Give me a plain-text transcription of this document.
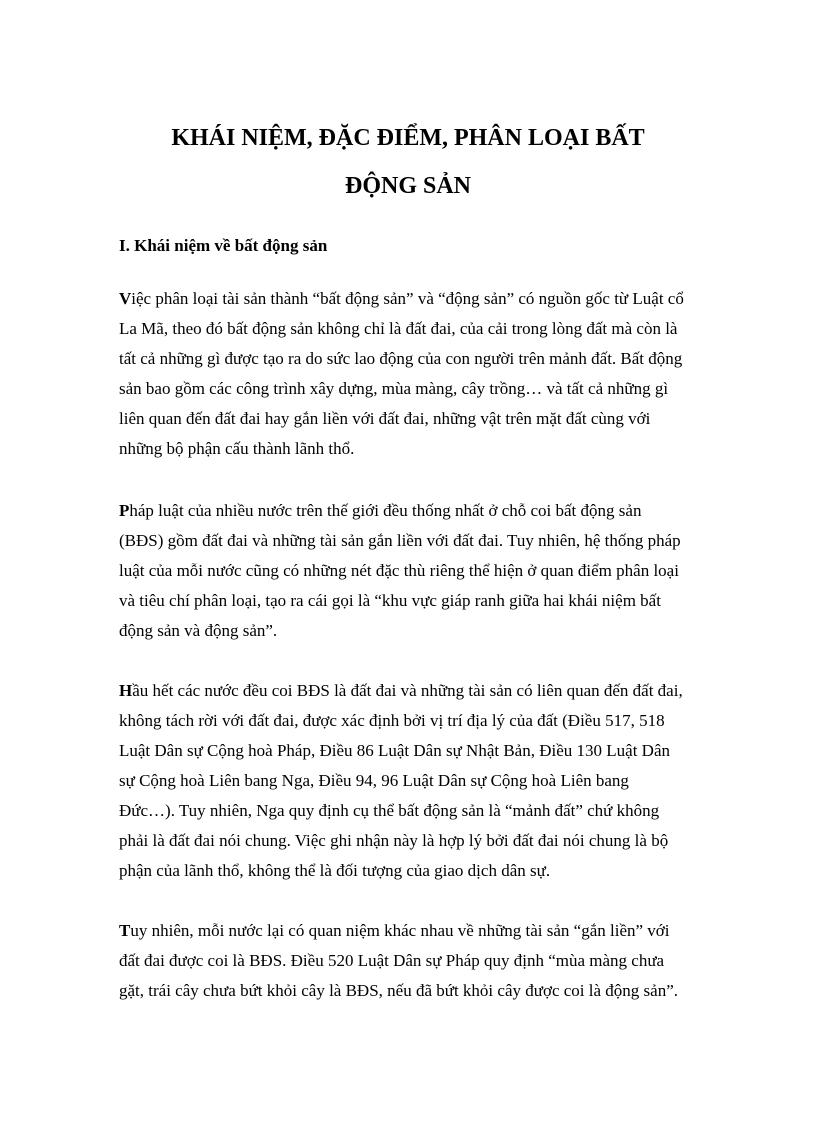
KHÁI NIỆM, ĐẶC ĐIỂM, PHÂN LOẠI BẤT
ĐỘNG SẢN
I. Khái niệm về bất động sản
Việc phân loại tài sản thành “bất động sản” và “động sản” có nguồn gốc từ Luật cổ
La Mã, theo đó bất động sản không chỉ là đất đai, của cải trong lòng đất mà còn là
tất cả những gì được tạo ra do sức lao động của con người trên mảnh đất. Bất động
sản bao gồm các công trình xây dựng, mùa màng, cây trồng… và tất cả những gì
liên quan đến đất đai hay gắn liền với đất đai, những vật trên mặt đất cùng với
những bộ phận cấu thành lãnh thổ.
Pháp luật của nhiều nước trên thế giới đều thống nhất ở chỗ coi bất động sản
(BĐS) gồm đất đai và những tài sản gắn liền với đất đai. Tuy nhiên, hệ thống pháp
luật của mỗi nước cũng có những nét đặc thù riêng thể hiện ở quan điểm phân loại
và tiêu chí phân loại, tạo ra cái gọi là “khu vực giáp ranh giữa hai khái niệm bất
động sản và động sản”.
Hầu hết các nước đều coi BĐS là đất đai và những tài sản có liên quan đến đất đai,
không tách rời với đất đai, được xác định bởi vị trí địa lý của đất (Điều 517, 518
Luật Dân sự Cộng hoà Pháp, Điều 86 Luật Dân sự Nhật Bản, Điều 130 Luật Dân
sự Cộng hoà Liên bang Nga, Điều 94, 96 Luật Dân sự Cộng hoà Liên bang
Đức…). Tuy nhiên, Nga quy định cụ thể bất động sản là “mảnh đất” chứ không
phải là đất đai nói chung. Việc ghi nhận này là hợp lý bởi đất đai nói chung là bộ
phận của lãnh thổ, không thể là đối tượng của giao dịch dân sự.
Tuy nhiên, mỗi nước lại có quan niệm khác nhau về những tài sản “gắn liền” với
đất đai được coi là BĐS. Điều 520 Luật Dân sự Pháp quy định “mùa màng chưa
gặt, trái cây chưa bứt khỏi cây là BĐS, nếu đã bứt khỏi cây được coi là động sản”.
